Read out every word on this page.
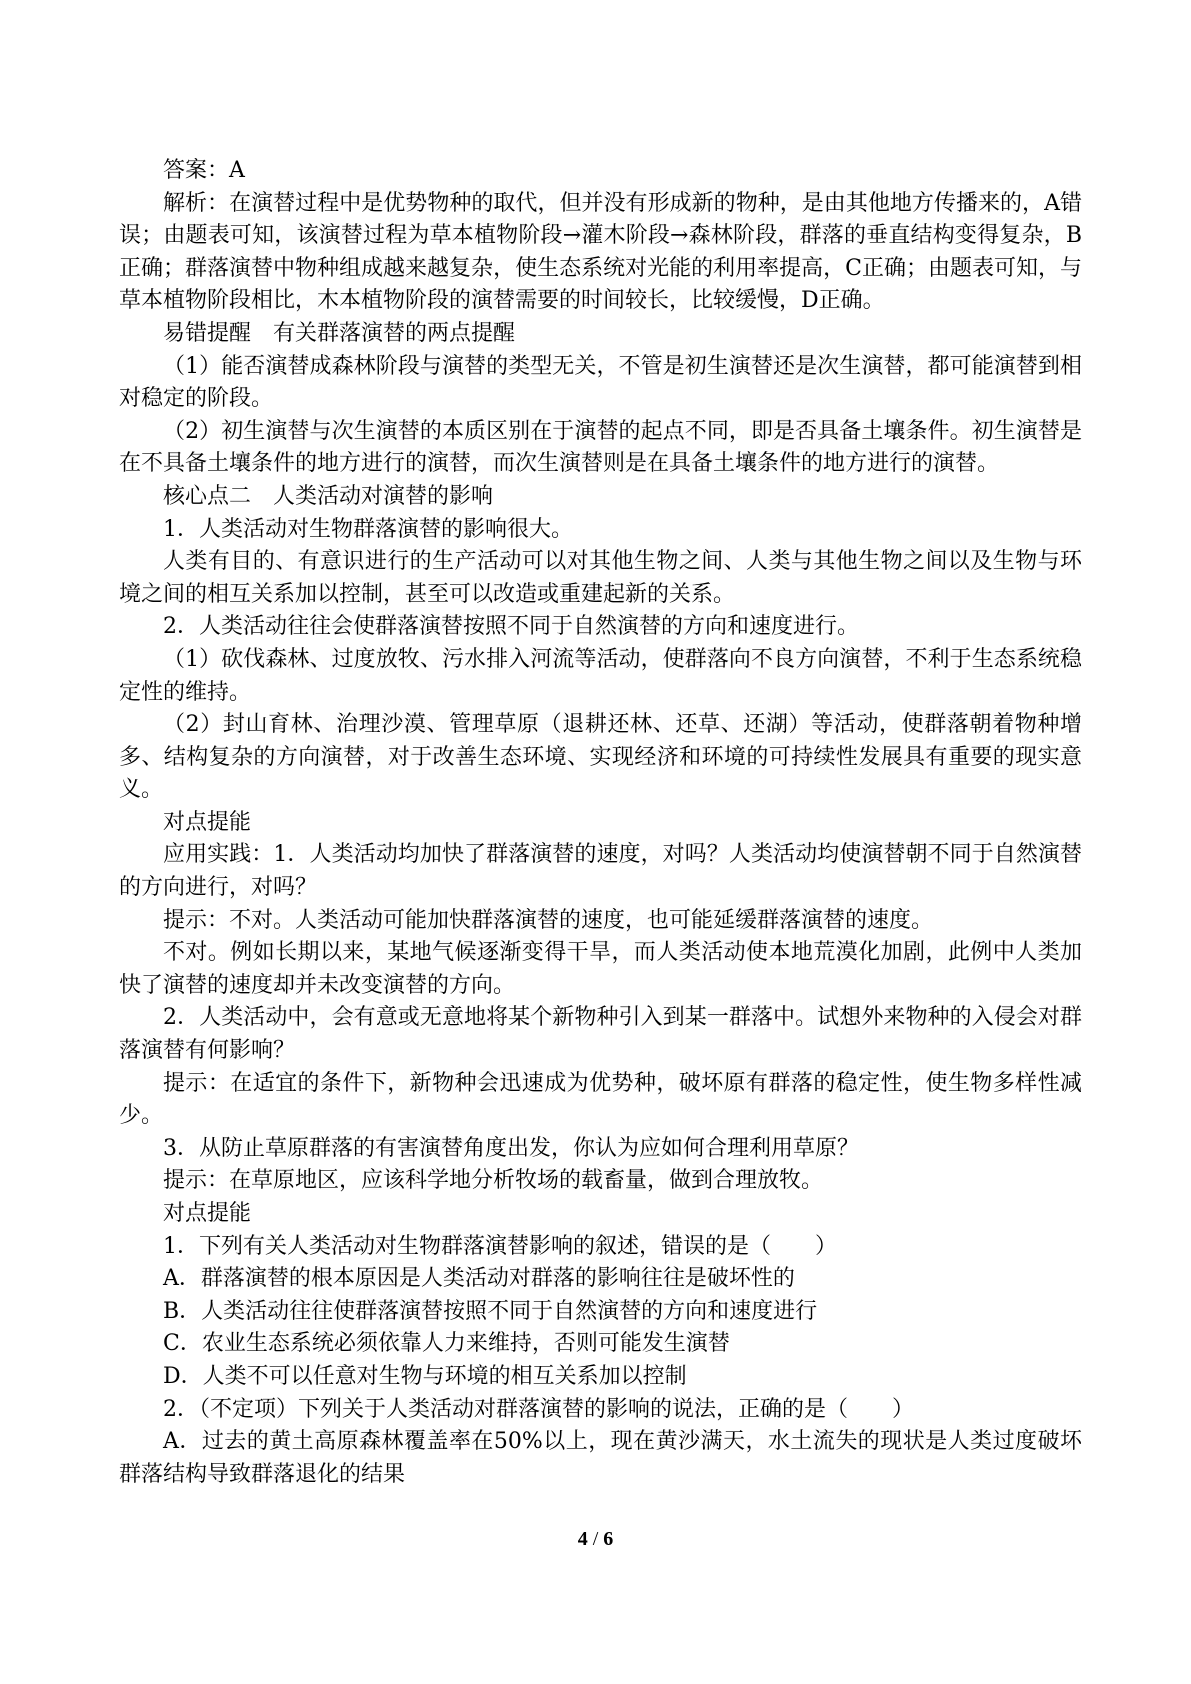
答案：A

解析：在演替过程中是优势物种的取代，但并没有形成新的物种，是由其他地方传播来的，A错误；由题表可知，该演替过程为草本植物阶段→灌木阶段→森林阶段，群落的垂直结构变得复杂，B正确；群落演替中物种组成越来越复杂，使生态系统对光能的利用率提高，C正确；由题表可知，与草本植物阶段相比，木本植物阶段的演替需要的时间较长，比较缓慢，D正确。

易错提醒　有关群落演替的两点提醒

（1）能否演替成森林阶段与演替的类型无关，不管是初生演替还是次生演替，都可能演替到相对稳定的阶段。

（2）初生演替与次生演替的本质区别在于演替的起点不同，即是否具备土壤条件。初生演替是在不具备土壤条件的地方进行的演替，而次生演替则是在具备土壤条件的地方进行的演替。

核心点二　人类活动对演替的影响

1．人类活动对生物群落演替的影响很大。

人类有目的、有意识进行的生产活动可以对其他生物之间、人类与其他生物之间以及生物与环境之间的相互关系加以控制，甚至可以改造或重建起新的关系。

2．人类活动往往会使群落演替按照不同于自然演替的方向和速度进行。

（1）砍伐森林、过度放牧、污水排入河流等活动，使群落向不良方向演替，不利于生态系统稳定性的维持。

（2）封山育林、治理沙漠、管理草原（退耕还林、还草、还湖）等活动，使群落朝着物种增多、结构复杂的方向演替，对于改善生态环境、实现经济和环境的可持续性发展具有重要的现实意义。

对点提能

应用实践：1．人类活动均加快了群落演替的速度，对吗？人类活动均使演替朝不同于自然演替的方向进行，对吗？

提示：不对。人类活动可能加快群落演替的速度，也可能延缓群落演替的速度。

不对。例如长期以来，某地气候逐渐变得干旱，而人类活动使本地荒漠化加剧，此例中人类加快了演替的速度却并未改变演替的方向。

2．人类活动中，会有意或无意地将某个新物种引入到某一群落中。试想外来物种的入侵会对群落演替有何影响？

提示：在适宜的条件下，新物种会迅速成为优势种，破坏原有群落的稳定性，使生物多样性减少。

3．从防止草原群落的有害演替角度出发，你认为应如何合理利用草原？

提示：在草原地区，应该科学地分析牧场的载畜量，做到合理放牧。

对点提能

1．下列有关人类活动对生物群落演替影响的叙述，错误的是（　　）

A．群落演替的根本原因是人类活动对群落的影响往往是破坏性的

B．人类活动往往使群落演替按照不同于自然演替的方向和速度进行

C．农业生态系统必须依靠人力来维持，否则可能发生演替

D．人类不可以任意对生物与环境的相互关系加以控制

2．（不定项）下列关于人类活动对群落演替的影响的说法，正确的是（　　）

A．过去的黄土高原森林覆盖率在50%以上，现在黄沙满天，水土流失的现状是人类过度破坏群落结构导致群落退化的结果

4 / 6
